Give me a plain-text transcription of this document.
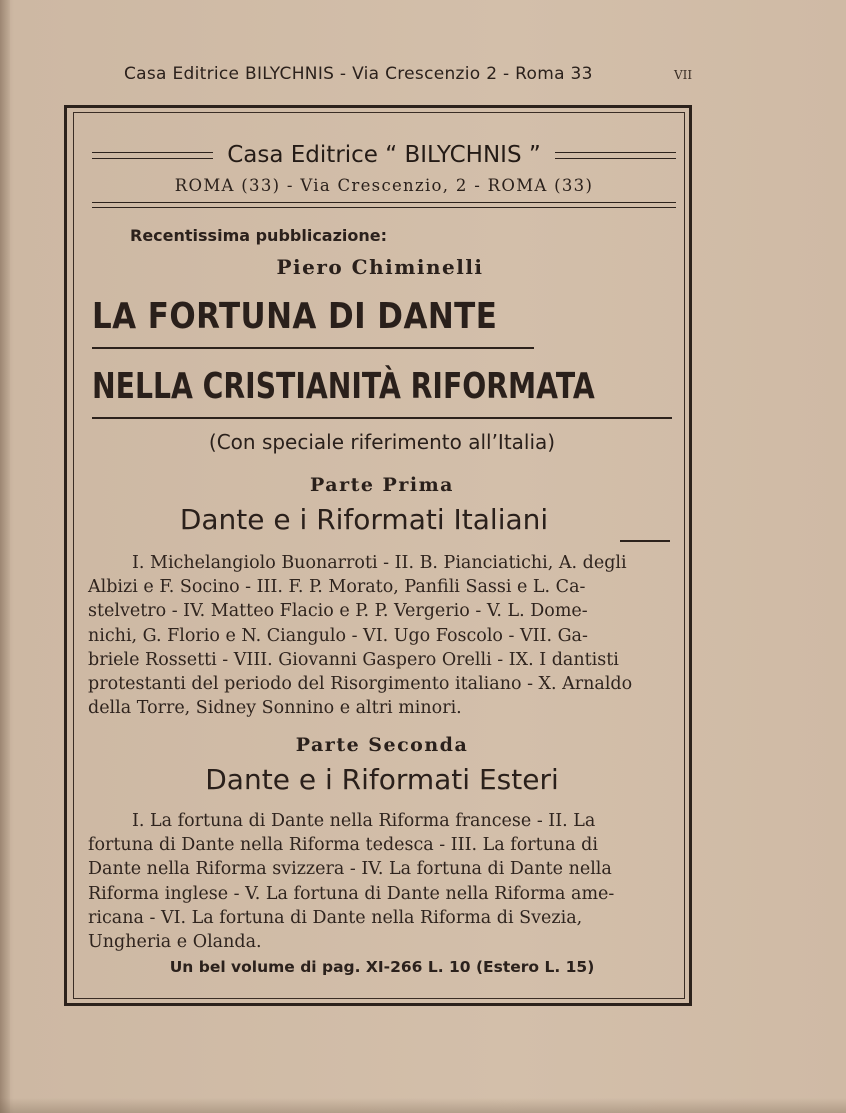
Casa Editrice BILYCHNIS - Via Crescenzio 2 - Roma 33	VII
Casa Editrice “ BILYCHNIS ”
ROMA (33) - Via Crescenzio, 2 - ROMA (33)
Recentissima pubblicazione:
Piero Chiminelli
LA FORTUNA DI DANTE
NELLA CRISTIANITÀ RIFORMATA
(Con speciale riferimento all’Italia)
Parte Prima
Dante e i Riformati Italiani
I. Michelangiolo Buonarroti - II. B. Pianciatichi, A. degli
Albizi e F. Socino - III. F. P. Morato, Panfili Sassi e L. Ca-
stelvetro - IV. Matteo Flacio e P. P. Vergerio - V. L. Dome-
nichi, G. Florio e N. Ciangulo - VI. Ugo Foscolo - VII. Ga-
briele Rossetti - VIII. Giovanni Gaspero Orelli - IX. I dantisti
protestanti del periodo del Risorgimento italiano - X. Arnaldo
della Torre, Sidney Sonnino e altri minori.
Parte Seconda
Dante e i Riformati Esteri
I. La fortuna di Dante nella Riforma francese - II. La
fortuna di Dante nella Riforma tedesca - III. La fortuna di
Dante nella Riforma svizzera - IV. La fortuna di Dante nella
Riforma inglese - V. La fortuna di Dante nella Riforma ame-
ricana - VI. La fortuna di Dante nella Riforma di Svezia,
Ungheria e Olanda.
Un bel volume di pag. XI-266 L. 10 (Estero L. 15)
